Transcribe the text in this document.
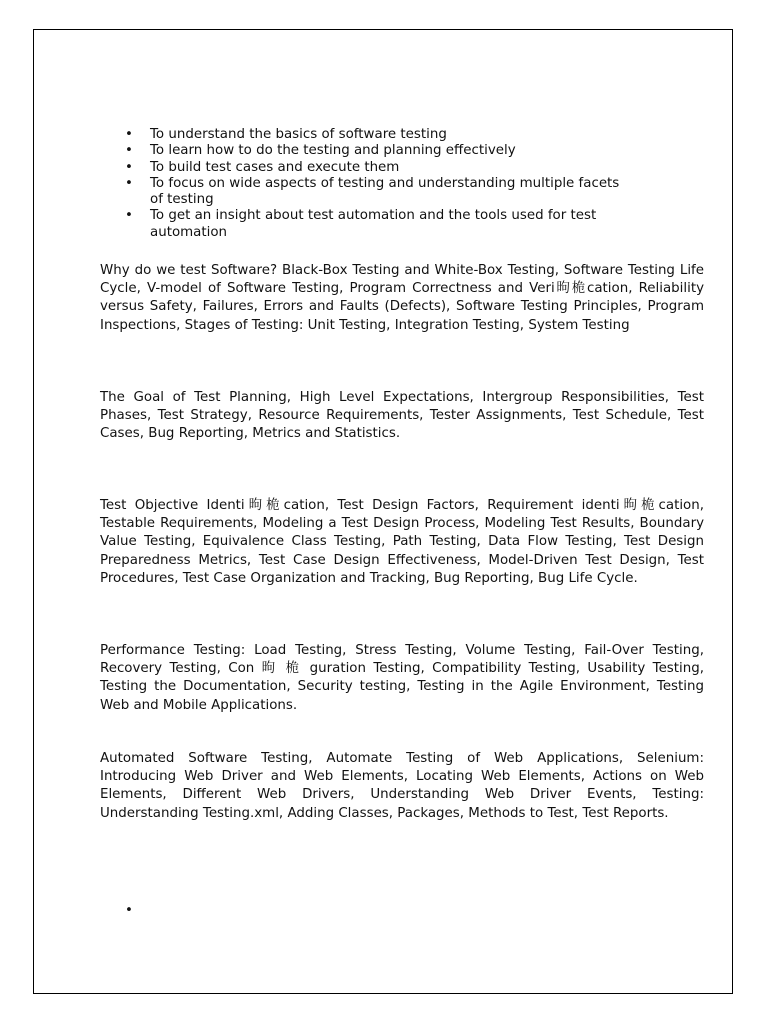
• To understand the basics of software testing
• To learn how to do the testing and planning effectively
• To build test cases and execute them
• To focus on wide aspects of testing and understanding multiple facets of testing
• To get an insight about test automation and the tools used for test automation

Why do we test Software? Black-Box Testing and White-Box Testing, Software Testing Life Cycle, V-model of Software Testing, Program Correctness and Veri昫桅cation, Reliability versus Safety, Failures, Errors and Faults (Defects), Software Testing Principles, Program Inspections, Stages of Testing: Unit Testing, Integration Testing, System Testing

The Goal of Test Planning, High Level Expectations, Intergroup Responsibilities, Test Phases, Test Strategy, Resource Requirements, Tester Assignments, Test Schedule, Test Cases, Bug Reporting, Metrics and Statistics.

Test Objective Identi昫桅cation, Test Design Factors, Requirement identi昫桅cation, Testable Requirements, Modeling a Test Design Process, Modeling Test Results, Boundary Value Testing, Equivalence Class Testing, Path Testing, Data Flow Testing, Test Design Preparedness Metrics, Test Case Design Effectiveness, Model-Driven Test Design, Test Procedures, Test Case Organization and Tracking, Bug Reporting, Bug Life Cycle.

Performance Testing: Load Testing, Stress Testing, Volume Testing, Fail-Over Testing, Recovery Testing, Con 昫 桅 guration Testing, Compatibility Testing, Usability Testing, Testing the Documentation, Security testing, Testing in the Agile Environment, Testing Web and Mobile Applications.

Automated Software Testing, Automate Testing of Web Applications, Selenium: Introducing Web Driver and Web Elements, Locating Web Elements, Actions on Web Elements, Different Web Drivers, Understanding Web Driver Events, Testing: Understanding Testing.xml, Adding Classes, Packages, Methods to Test, Test Reports.

•
